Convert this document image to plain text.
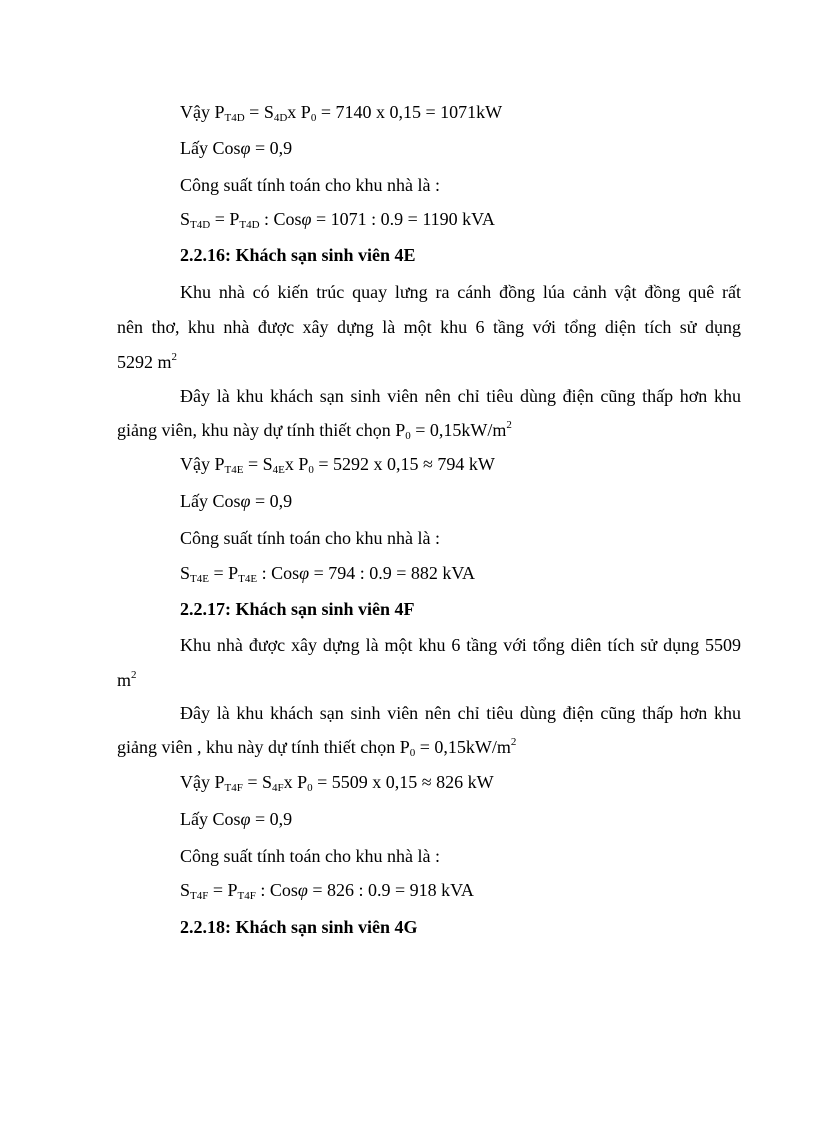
Vậy $P_{T4D} = S_{4D}x$ $P_0 = 7140$ x 0,15 = 1071kW
Lấy Cosφ = 0,9
Công suất tính toán cho khu nhà là :
$S_{T4D} = P_{T4D}$ : Cosφ = 1071 : 0.9 = 1190 kVA
2.2.16: Khách sạn sinh viên 4E
Khu nhà có kiến trúc quay lưng ra cánh đồng lúa cảnh vật đồng quê rất
nên thơ, khu nhà được xây dựng là một khu 6 tầng với tổng diện tích sử dụng
5292 $m^2$
Đây là khu khách sạn sinh viên nên chỉ tiêu dùng điện cũng thấp hơn khu
giảng viên, khu này dự tính thiết chọn $P_0 = 0,15kW/m^2$
Vậy $P_{T4E} = S_{4E}x$ $P_0 = 5292$ x 0,15 ≈ 794 kW
Lấy Cosφ = 0,9
Công suất tính toán cho khu nhà là :
$S_{T4E} = P_{T4E}$ : Cosφ = 794 : 0.9 = 882 kVA
2.2.17: Khách sạn sinh viên 4F
Khu nhà được xây dựng là một khu 6 tầng với tổng diên tích sử dụng 5509
$m^2$
Đây là khu khách sạn sinh viên nên chỉ tiêu dùng điện cũng thấp hơn khu
giảng viên , khu này dự tính thiết chọn $P_0 = 0,15kW/m^2$
Vậy $P_{T4F} = S_{4F}x$ $P_0 = 5509$ x 0,15 ≈ 826 kW
Lấy Cosφ = 0,9
Công suất tính toán cho khu nhà là :
$S_{T4F} = P_{T4F}$ : Cosφ = 826 : 0.9 = 918 kVA
2.2.18: Khách sạn sinh viên 4G
